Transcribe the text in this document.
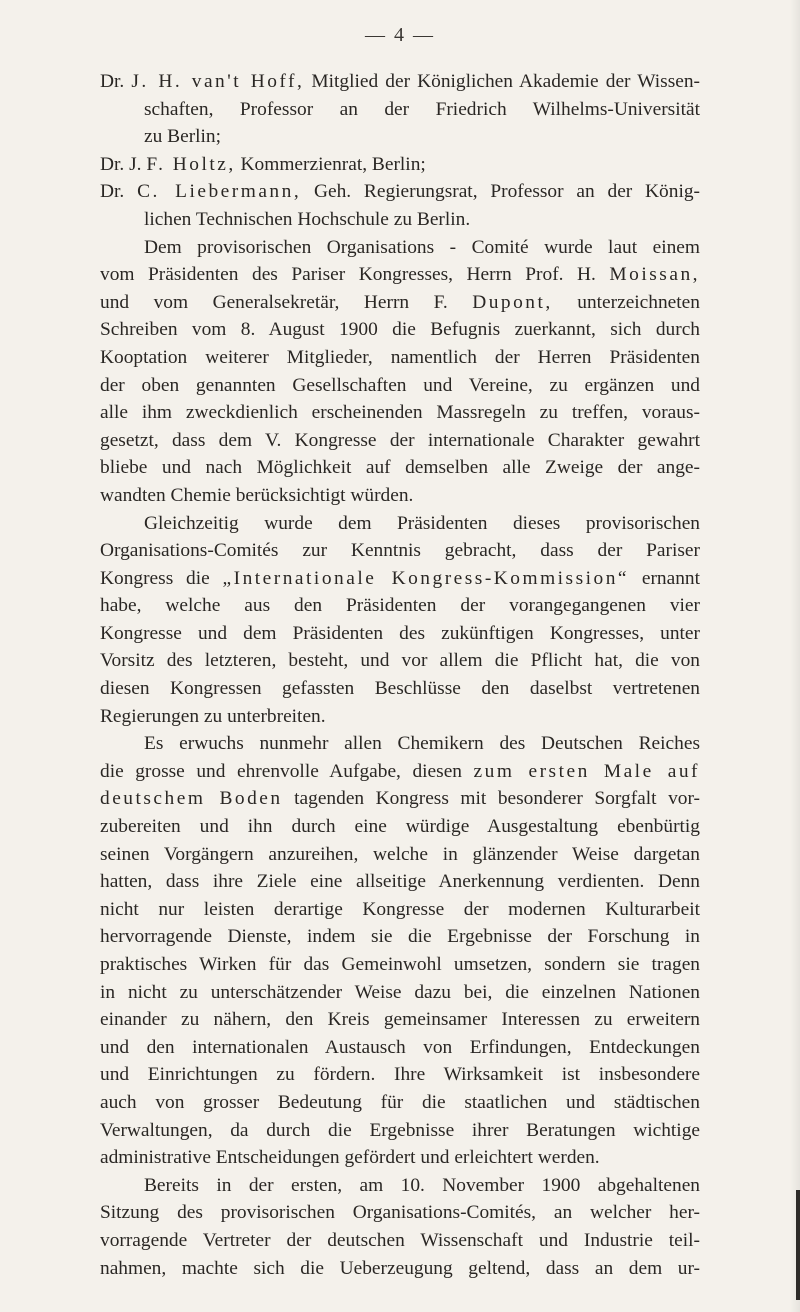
— 4 —
Dr. J. H. van't Hoff, Mitglied der Königlichen Akademie der Wissen-
schaften, Professor an der Friedrich Wilhelms-Universität
zu Berlin;
Dr. J. F. Holtz, Kommerzienrat, Berlin;
Dr. C. Liebermann, Geh. Regierungsrat, Professor an der König-
lichen Technischen Hochschule zu Berlin.
Dem provisorischen Organisations - Comité wurde laut einem
vom Präsidenten des Pariser Kongresses, Herrn Prof. H. Moissan,
und vom Generalsekretär, Herrn F. Dupont, unterzeichneten
Schreiben vom 8. August 1900 die Befugnis zuerkannt, sich durch
Kooptation weiterer Mitglieder, namentlich der Herren Präsidenten
der oben genannten Gesellschaften und Vereine, zu ergänzen und
alle ihm zweckdienlich erscheinenden Massregeln zu treffen, voraus-
gesetzt, dass dem V. Kongresse der internationale Charakter gewahrt
bliebe und nach Möglichkeit auf demselben alle Zweige der ange-
wandten Chemie berücksichtigt würden.
Gleichzeitig wurde dem Präsidenten dieses provisorischen
Organisations-Comités zur Kenntnis gebracht, dass der Pariser
Kongress die „Internationale Kongress-Kommission“ ernannt
habe, welche aus den Präsidenten der vorangegangenen vier
Kongresse und dem Präsidenten des zukünftigen Kongresses, unter
Vorsitz des letzteren, besteht, und vor allem die Pflicht hat, die von
diesen Kongressen gefassten Beschlüsse den daselbst vertretenen
Regierungen zu unterbreiten.
Es erwuchs nunmehr allen Chemikern des Deutschen Reiches
die grosse und ehrenvolle Aufgabe, diesen zum ersten Male auf
deutschem Boden tagenden Kongress mit besonderer Sorgfalt vor-
zubereiten und ihn durch eine würdige Ausgestaltung ebenbürtig
seinen Vorgängern anzureihen, welche in glänzender Weise dargetan
hatten, dass ihre Ziele eine allseitige Anerkennung verdienten. Denn
nicht nur leisten derartige Kongresse der modernen Kulturarbeit
hervorragende Dienste, indem sie die Ergebnisse der Forschung in
praktisches Wirken für das Gemeinwohl umsetzen, sondern sie tragen
in nicht zu unterschätzender Weise dazu bei, die einzelnen Nationen
einander zu nähern, den Kreis gemeinsamer Interessen zu erweitern
und den internationalen Austausch von Erfindungen, Entdeckungen
und Einrichtungen zu fördern. Ihre Wirksamkeit ist insbesondere
auch von grosser Bedeutung für die staatlichen und städtischen
Verwaltungen, da durch die Ergebnisse ihrer Beratungen wichtige
administrative Entscheidungen gefördert und erleichtert werden.
Bereits in der ersten, am 10. November 1900 abgehaltenen
Sitzung des provisorischen Organisations-Comités, an welcher her-
vorragende Vertreter der deutschen Wissenschaft und Industrie teil-
nahmen, machte sich die Ueberzeugung geltend, dass an dem ur-
